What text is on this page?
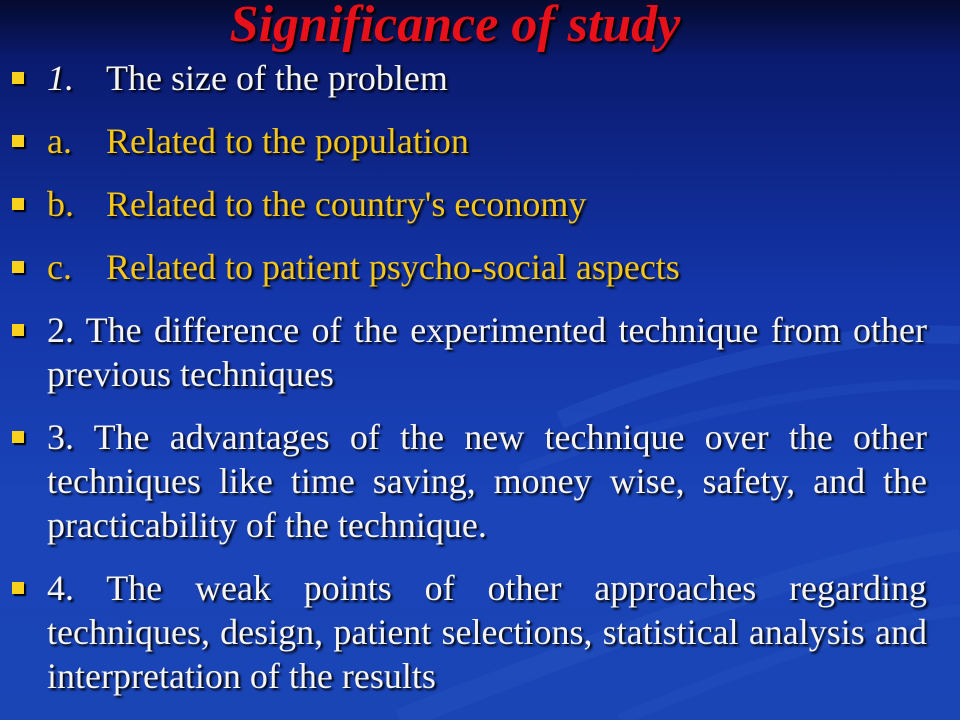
Significance of study
1. The size of the problem
a. Related to the population
b. Related to the country's economy
c. Related to patient psycho-social aspects
2. The difference of the experimented technique from other previous techniques
3. The advantages of the new technique over the other techniques like time saving, money wise, safety, and the practicability of the technique.
4. The weak points of other approaches regarding techniques, design, patient selections, statistical analysis and interpretation of the results
